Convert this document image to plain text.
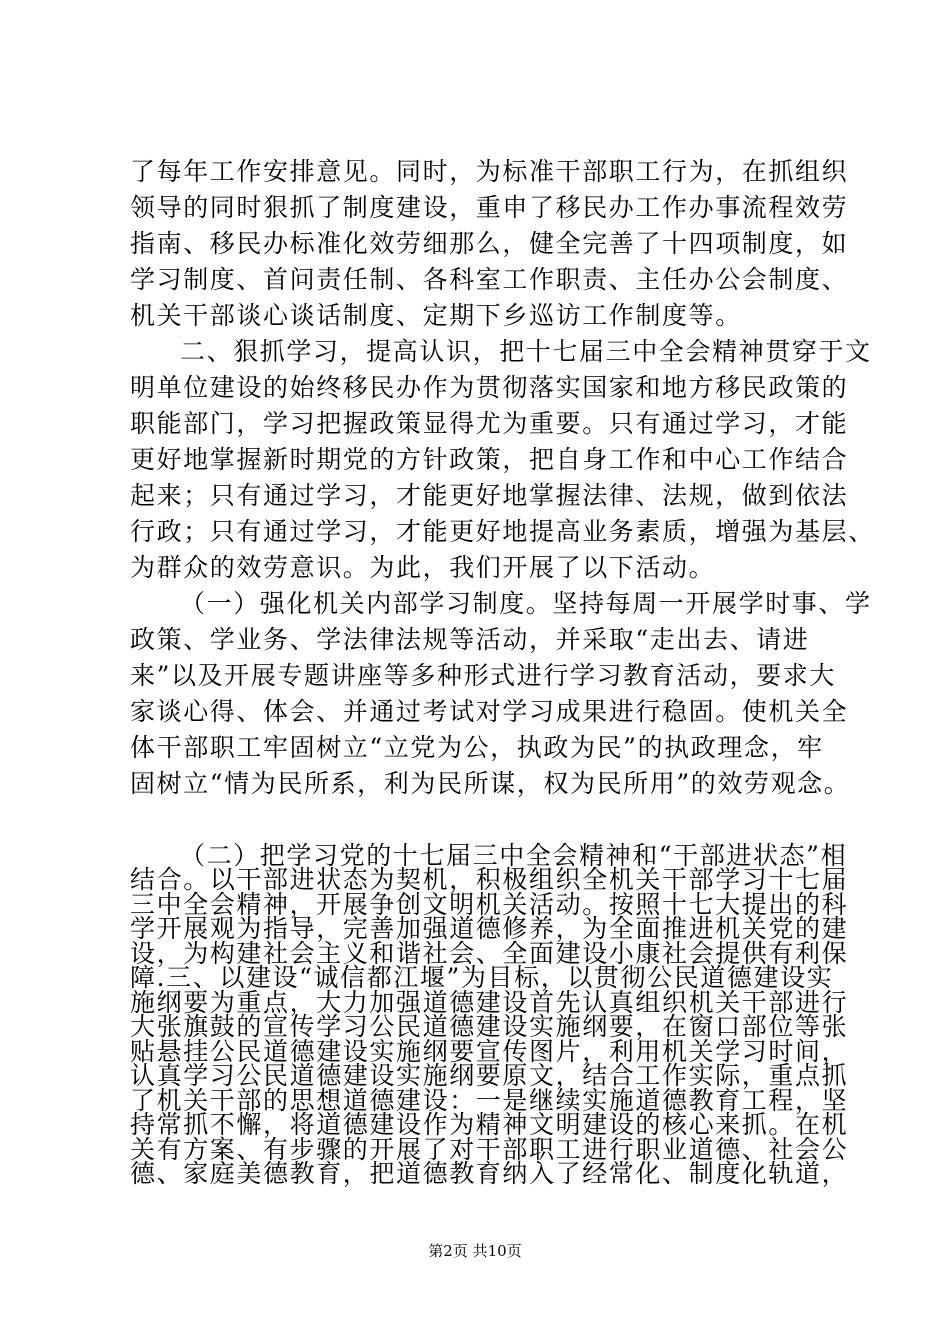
了每年工作安排意见。同时，为标准干部职工行为，在抓组织
领导的同时狠抓了制度建设，重申了移民办工作办事流程效劳
指南、移民办标准化效劳细那么，健全完善了十四项制度，如
学习制度、首问责任制、各科室工作职责、主任办公会制度、
机关干部谈心谈话制度、定期下乡巡访工作制度等。
二、狠抓学习，提高认识，把十七届三中全会精神贯穿于文
明单位建设的始终移民办作为贯彻落实国家和地方移民政策的
职能部门，学习把握政策显得尤为重要。只有通过学习，才能
更好地掌握新时期党的方针政策，把自身工作和中心工作结合
起来；只有通过学习，才能更好地掌握法律、法规，做到依法
行政；只有通过学习，才能更好地提高业务素质，增强为基层、
为群众的效劳意识。为此，我们开展了以下活动。
（一）强化机关内部学习制度。坚持每周一开展学时事、学
政策、学业务、学法律法规等活动，并采取“走出去、请进
来”以及开展专题讲座等多种形式进行学习教育活动，要求大
家谈心得、体会、并通过考试对学习成果进行稳固。使机关全
体干部职工牢固树立“立党为公，执政为民”的执政理念，牢
固树立“情为民所系，利为民所谋，权为民所用”的效劳观念。
（二）把学习党的十七届三中全会精神和“干部进状态”相
结合。以干部进状态为契机，积极组织全机关干部学习十七届
三中全会精神，开展争创文明机关活动。按照十七大提出的科
学开展观为指导，完善加强道德修养，为全面推进机关党的建
设，为构建社会主义和谐社会、全面建设小康社会提供有利保
障.三、以建设“诚信都江堰”为目标，以贯彻公民道德建设实
施纲要为重点，大力加强道德建设首先认真组织机关干部进行
大张旗鼓的宣传学习公民道德建设实施纲要，在窗口部位等张
贴悬挂公民道德建设实施纲要宣传图片，利用机关学习时间，
认真学习公民道德建设实施纲要原文，结合工作实际，重点抓
了机关干部的思想道德建设：一是继续实施道德教育工程，坚
持常抓不懈，将道德建设作为精神文明建设的核心来抓。在机
关有方案、有步骤的开展了对干部职工进行职业道德、社会公
德、家庭美德教育，把道德教育纳入了经常化、制度化轨道，
第2页 共10页
